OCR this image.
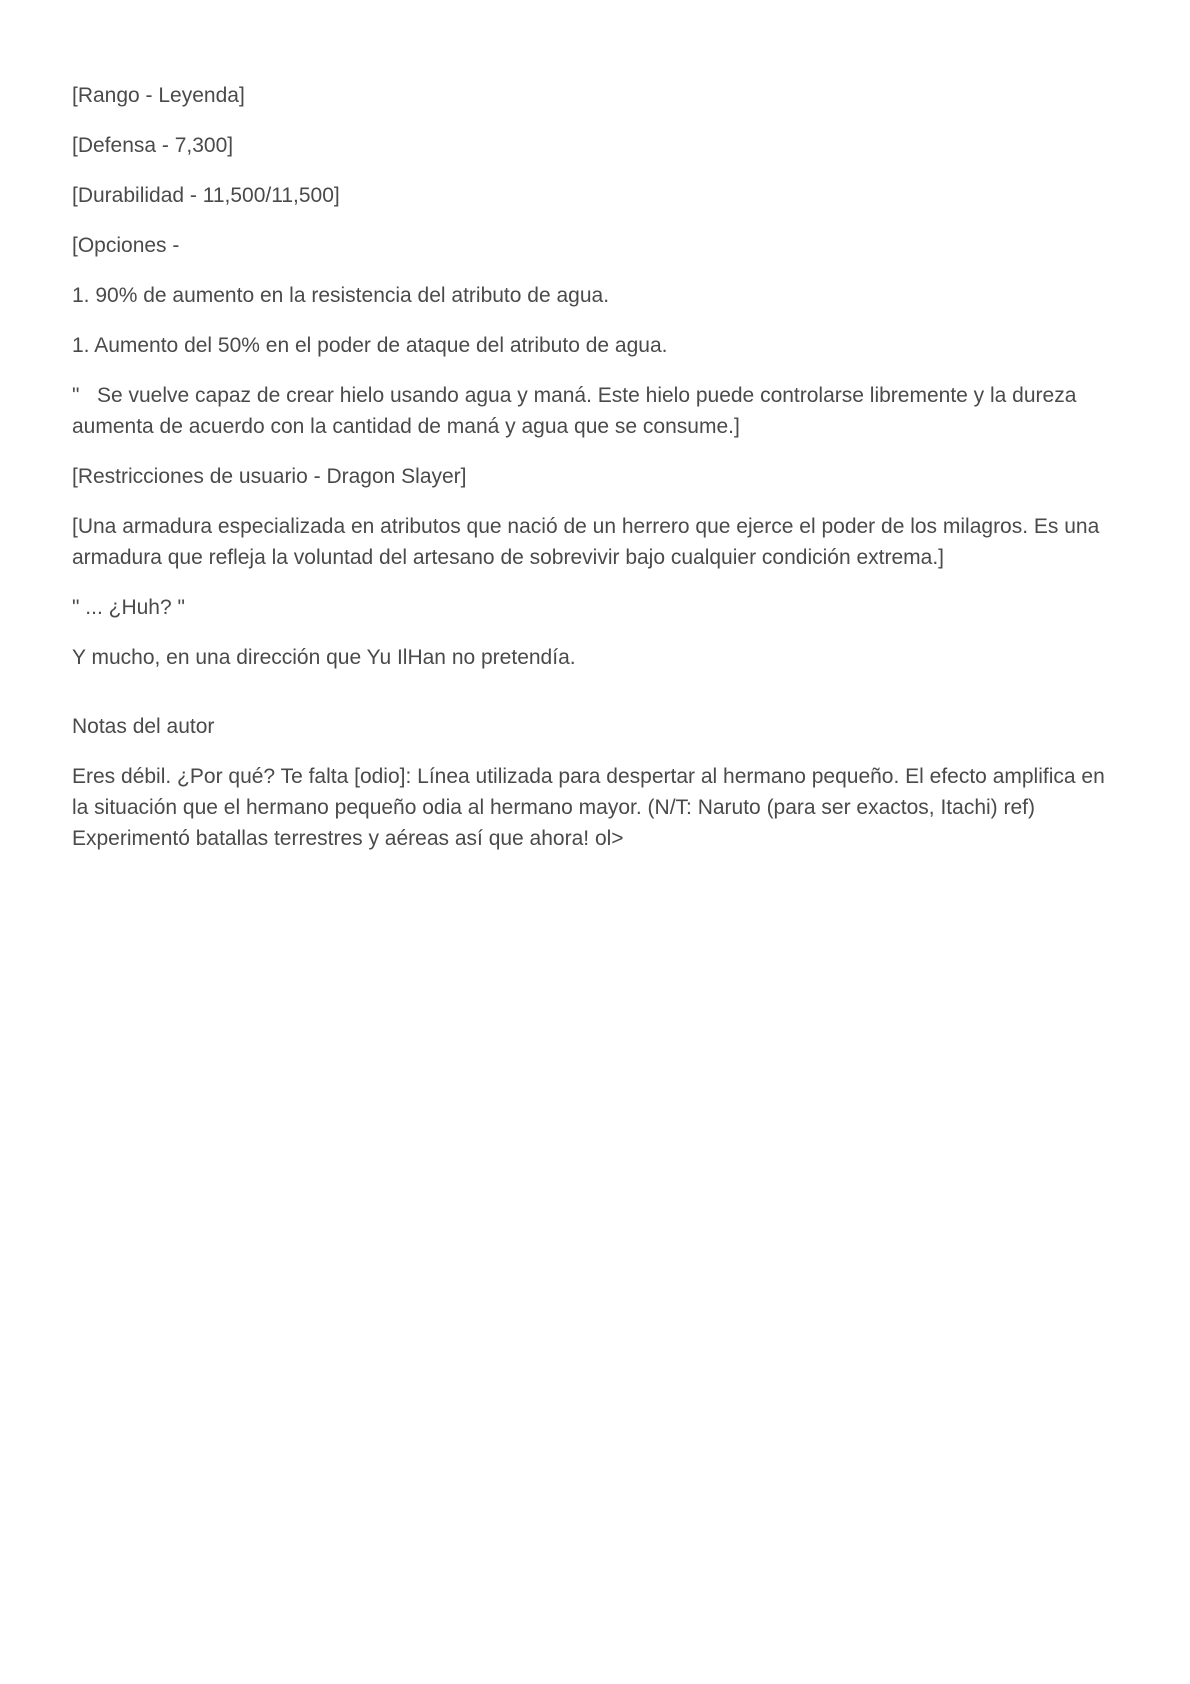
[Rango - Leyenda]

[Defensa - 7,300]

[Durabilidad - 11,500/11,500]

[Opciones -

1. 90% de aumento en la resistencia del atributo de agua.

1. Aumento del 50% en el poder de ataque del atributo de agua.

"   Se vuelve capaz de crear hielo usando agua y maná. Este hielo puede controlarse libremente y la dureza aumenta de acuerdo con la cantidad de maná y agua que se consume.]

[Restricciones de usuario - Dragon Slayer]

[Una armadura especializada en atributos que nació de un herrero que ejerce el poder de los milagros. Es una armadura que refleja la voluntad del artesano de sobrevivir bajo cualquier condición extrema.]

" ... ¿Huh? "

Y mucho, en una dirección que Yu IlHan no pretendía.

Notas del autor

Eres débil. ¿Por qué? Te falta [odio]: Línea utilizada para despertar al hermano pequeño. El efecto amplifica en la situación que el hermano pequeño odia al hermano mayor. (N/T: Naruto (para ser exactos, Itachi) ref) Experimentó batallas terrestres y aéreas así que ahora! ol>
